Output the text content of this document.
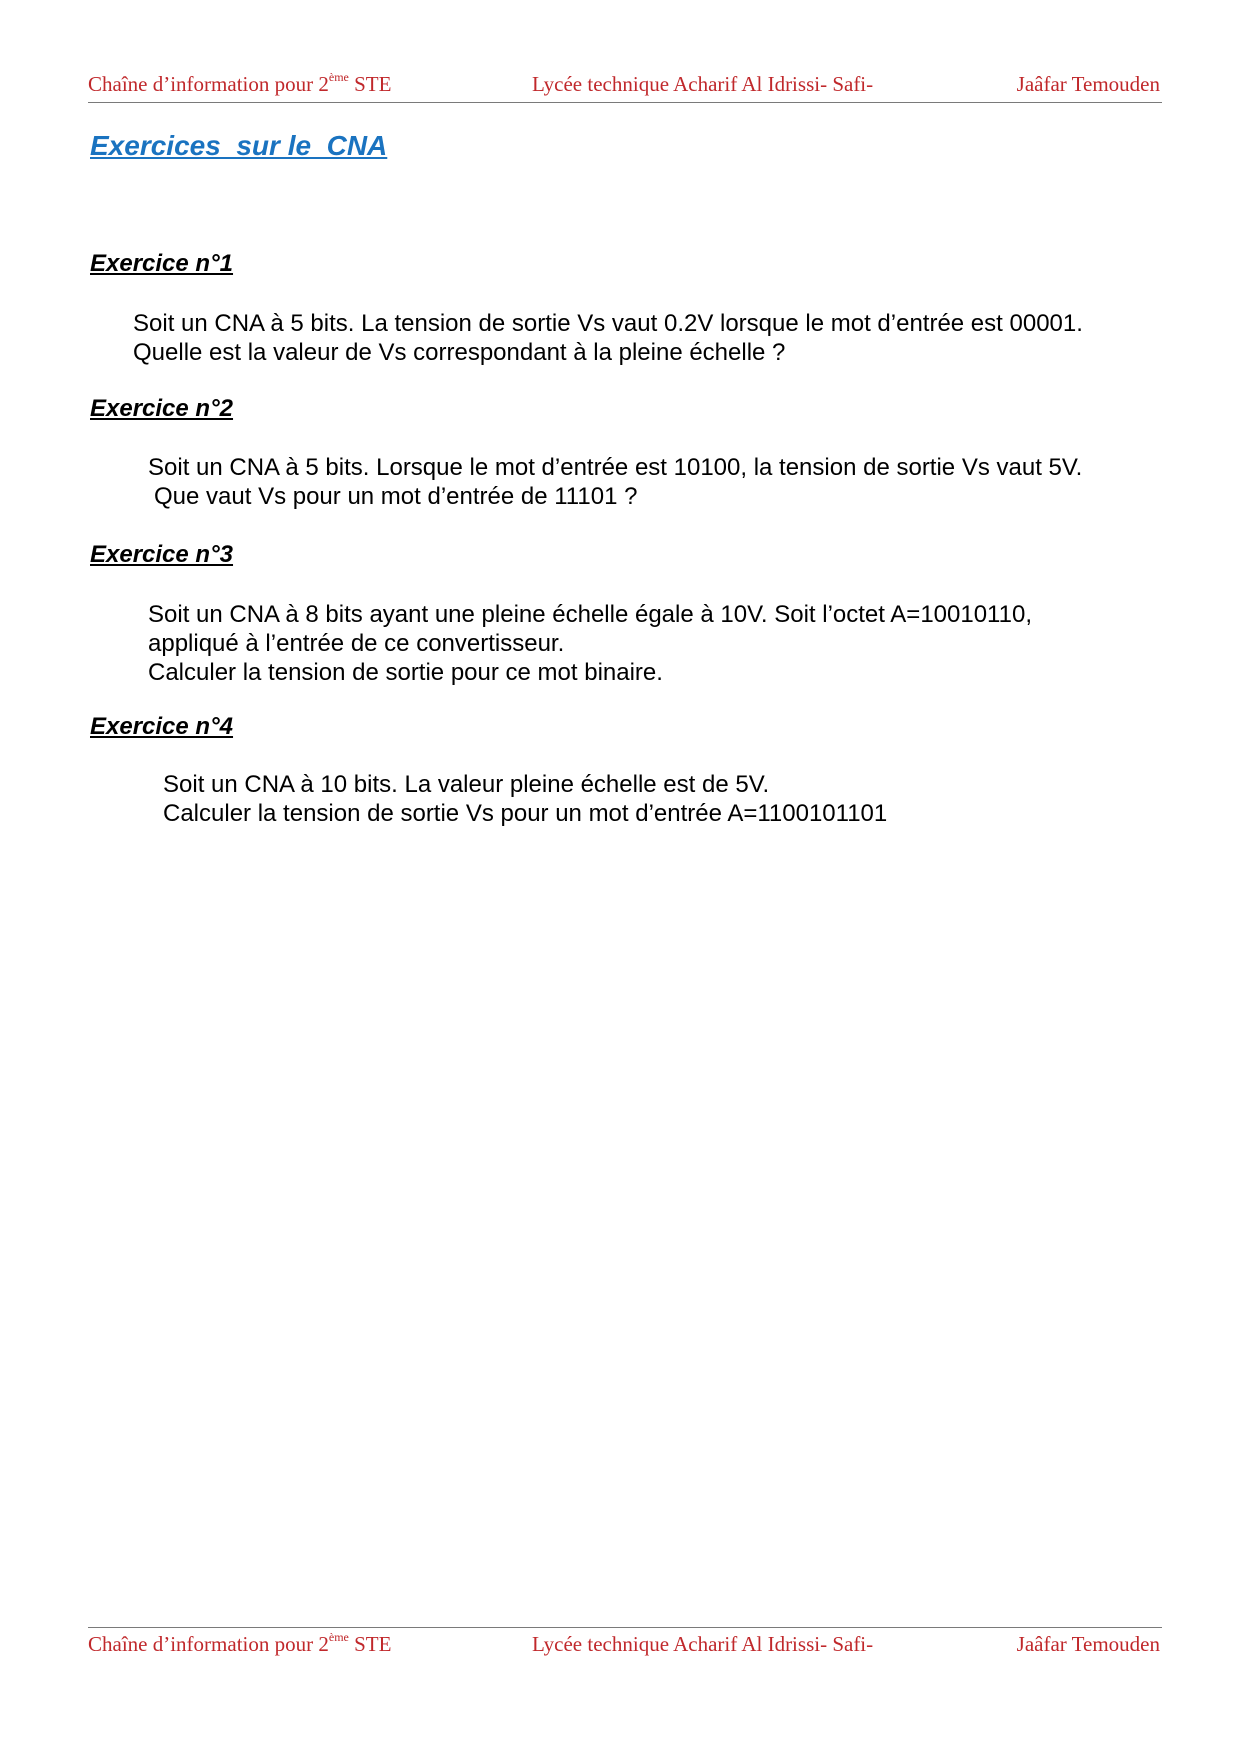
Chaîne d’information pour 2ème STE	Lycée technique Acharif Al Idrissi- Safi-	Jaâfar Temouden
Exercices  sur le  CNA
Exercice n°1

Soit un CNA à 5 bits. La tension de sortie Vs vaut 0.2V lorsque le mot d’entrée est 00001.

Quelle est la valeur de Vs correspondant à la pleine échelle ?

Exercice n°2

Soit un CNA à 5 bits. Lorsque le mot d’entrée est 10100, la tension de sortie Vs vaut 5V.

Que vaut Vs pour un mot d’entrée de 11101 ?

Exercice n°3

Soit un CNA à 8 bits ayant une pleine échelle égale à 10V. Soit l’octet A=10010110,

appliqué à l’entrée de ce convertisseur.

Calculer la tension de sortie pour ce mot binaire.

Exercice n°4

Soit un CNA à 10 bits. La valeur pleine échelle est de 5V.

Calculer la tension de sortie Vs pour un mot d’entrée A=1100101101

Chaîne d’information pour 2ème STE	Lycée technique Acharif Al Idrissi- Safi-	Jaâfar Temouden
